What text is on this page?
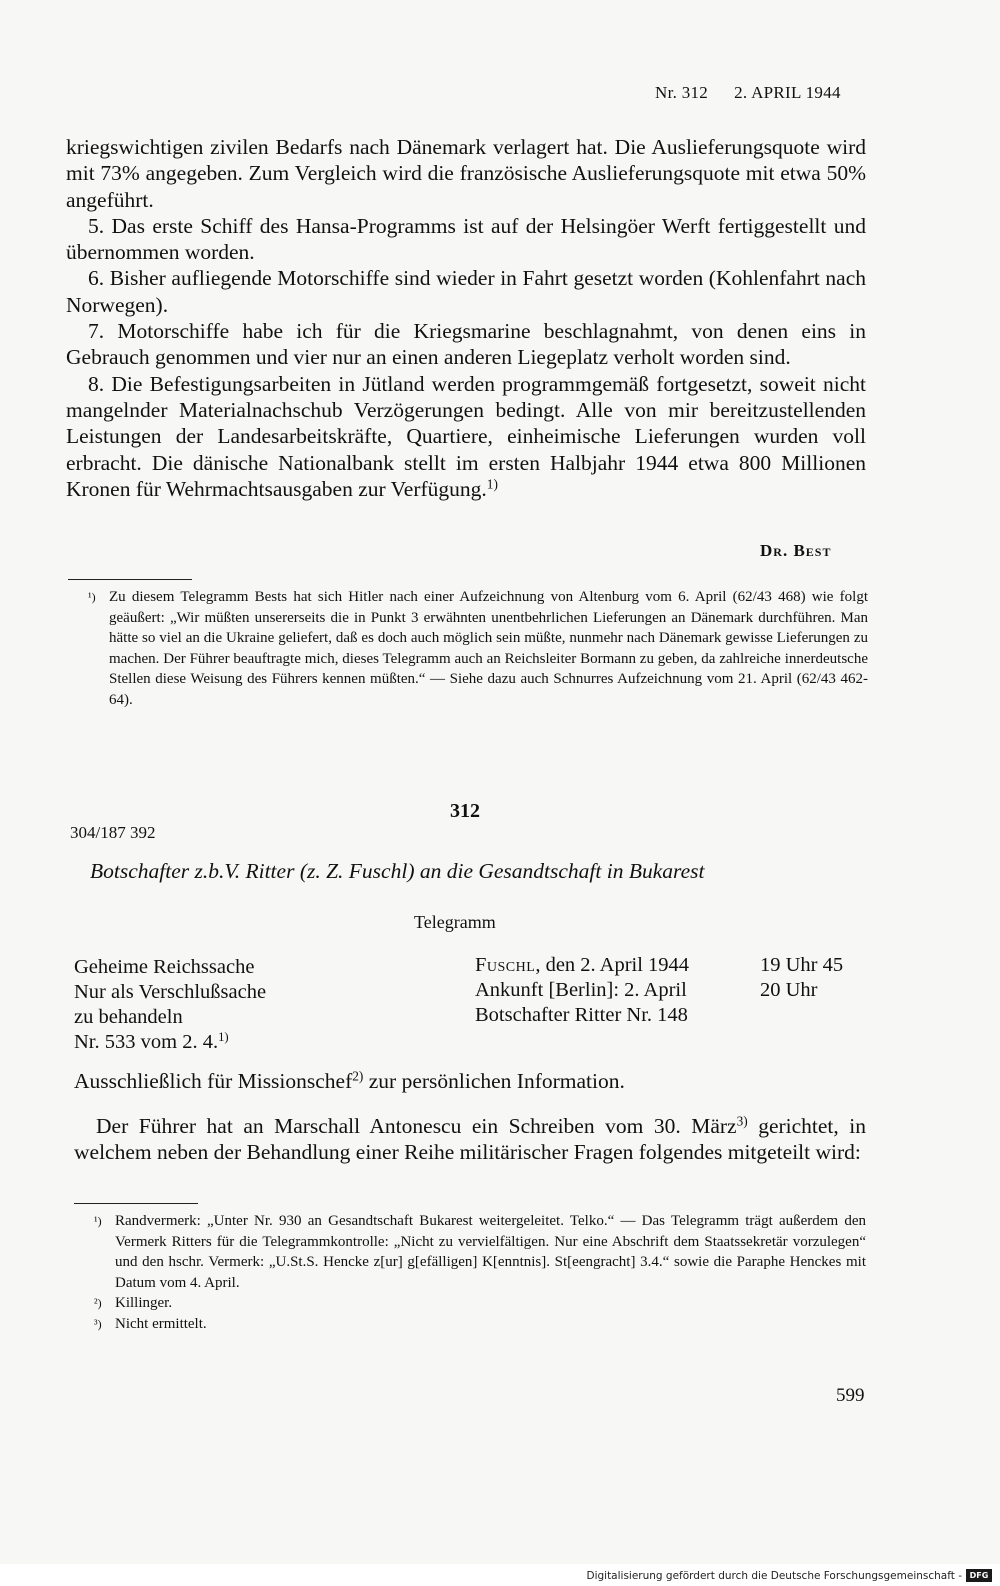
Nr. 312 2. APRIL 1944

kriegswichtigen zivilen Bedarfs nach Dänemark verlagert hat. Die Auslieferungsquote wird mit 73% angegeben. Zum Vergleich wird die französische Auslieferungsquote mit etwa 50% angeführt.

5. Das erste Schiff des Hansa-Programms ist auf der Helsingöer Werft fertiggestellt und übernommen worden.

6. Bisher aufliegende Motorschiffe sind wieder in Fahrt gesetzt worden (Kohlenfahrt nach Norwegen).

7. Motorschiffe habe ich für die Kriegsmarine beschlagnahmt, von denen eins in Gebrauch genommen und vier nur an einen anderen Liegeplatz verholt worden sind.

8. Die Befestigungsarbeiten in Jütland werden programmgemäß fortgesetzt, soweit nicht mangelnder Materialnachschub Verzögerungen bedingt. Alle von mir bereitzustellenden Leistungen der Landesarbeitskräfte, Quartiere, einheimische Lieferungen wurden voll erbracht. Die dänische Nationalbank stellt im ersten Halbjahr 1944 etwa 800 Millionen Kronen für Wehrmachtsausgaben zur Verfügung.$^{1)}$

Dr. Best
¹) Zu diesem Telegramm Bests hat sich Hitler nach einer Aufzeichnung von Altenburg vom 6. April (62/43 468) wie folgt geäußert: „Wir müßten unsererseits die in Punkt 3 erwähnten unentbehrlichen Lieferungen an Dänemark durchführen. Man hätte so viel an die Ukraine geliefert, daß es doch auch möglich sein müßte, nunmehr nach Dänemark gewisse Lieferungen zu machen. Der Führer beauftragte mich, dieses Telegramm auch an Reichsleiter Bormann zu geben, da zahlreiche innerdeutsche Stellen diese Weisung des Führers kennen müßten.“ — Siehe dazu auch Schnurres Aufzeichnung vom 21. April (62/43 462-64).
312
304/187 392
Botschafter z.b.V. Ritter (z. Z. Fuschl) an die Gesandtschaft in Bukarest
Telegramm
Geheime Reichssache
Nur als Verschlußsache
zu behandeln
Nr. 533 vom 2. 4.$^{1)}$
Fuschl, den 2. April 1944	19 Uhr 45
Ankunft [Berlin]: 2. April	20 Uhr
Botschafter Ritter Nr. 148

Ausschließlich für Missionschef$^{2)}$ zur persönlichen Information.

Der Führer hat an Marschall Antonescu ein Schreiben vom 30. März$^{3)}$ gerichtet, in welchem neben der Behandlung einer Reihe militärischer Fragen folgendes mitgeteilt wird:

¹) Randvermerk: „Unter Nr. 930 an Gesandtschaft Bukarest weitergeleitet. Telko.“ — Das Telegramm trägt außerdem den Vermerk Ritters für die Telegrammkontrolle: „Nicht zu vervielfältigen. Nur eine Abschrift dem Staatssekretär vorzulegen“ und den hschr. Vermerk: „U.St.S. Hencke z[ur] g[efälligen] K[enntnis]. St[eengracht] 3.4.“ sowie die Paraphe Henckes mit Datum vom 4. April.
²) Killinger.
³) Nicht ermittelt.
599
Digitalisierung gefördert durch die Deutsche Forschungsgemeinschaft - DFG
